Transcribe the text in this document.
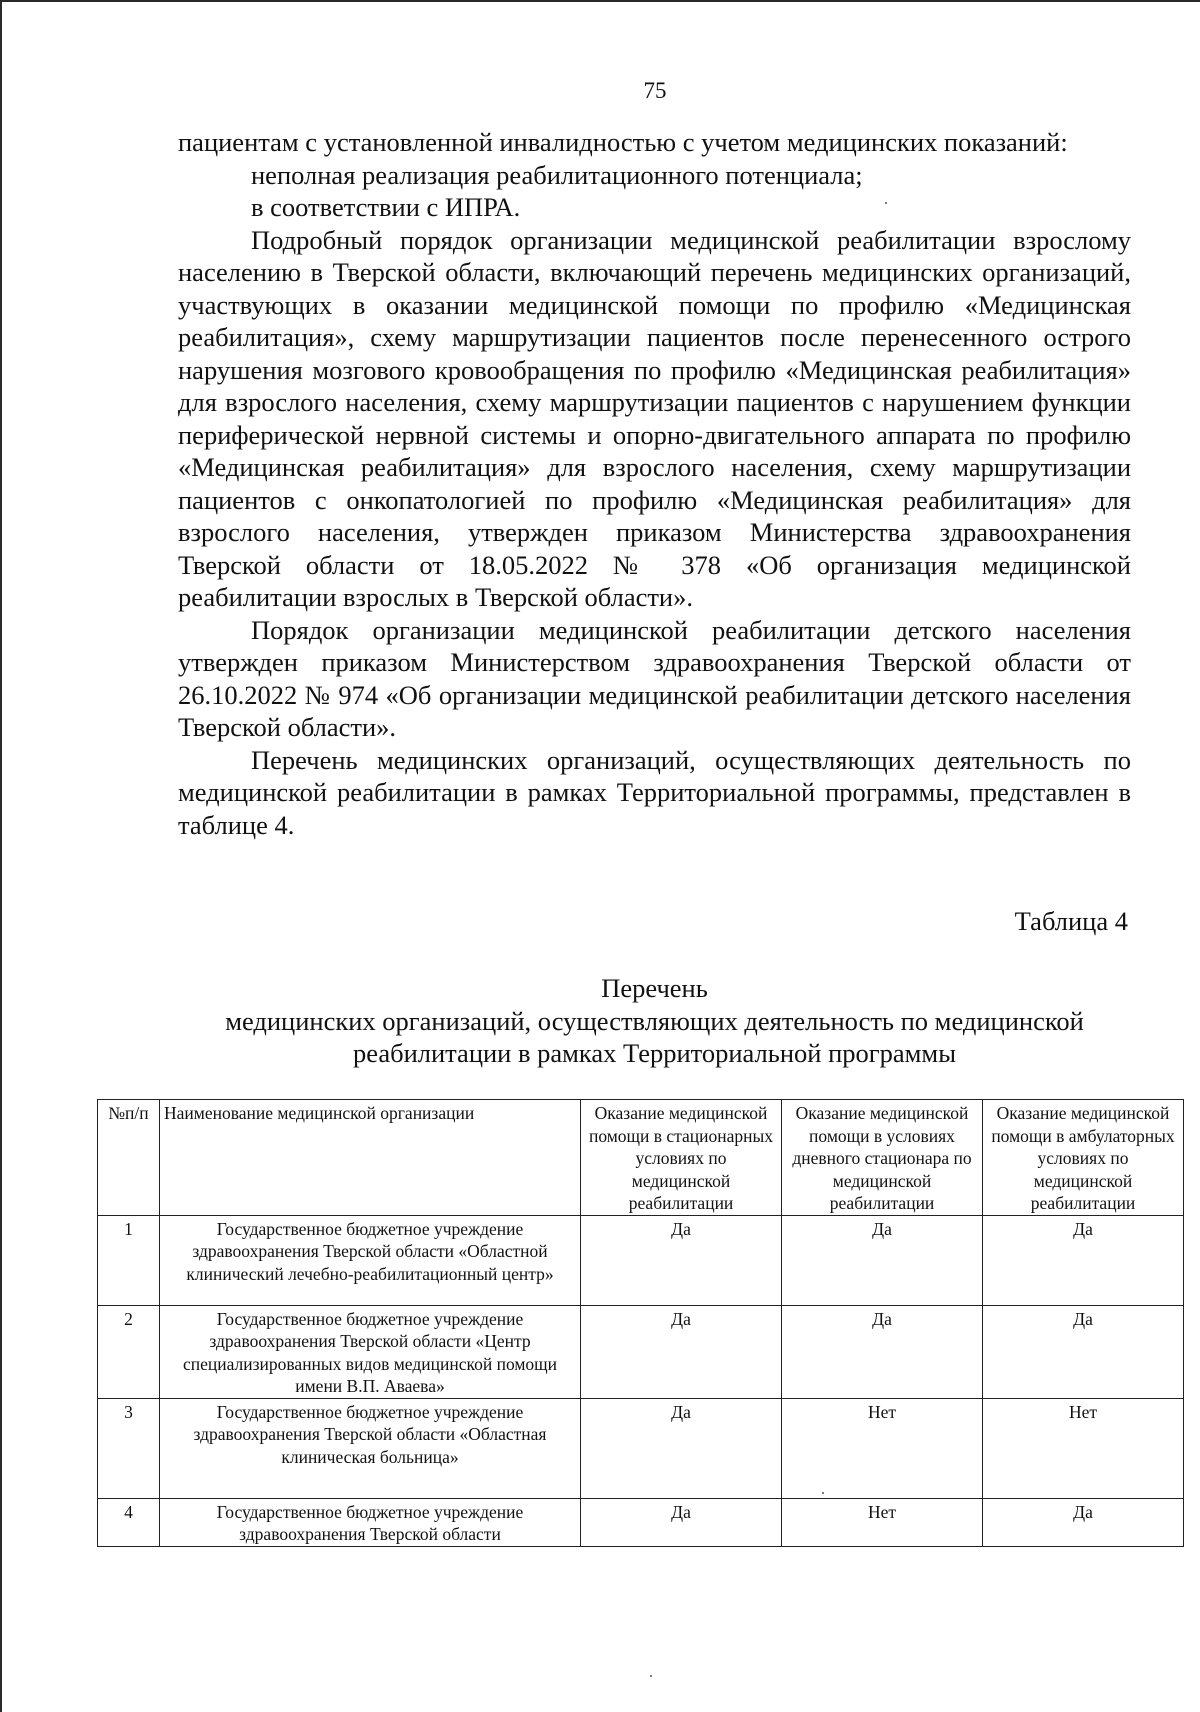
75

пациентам с установленной инвалидностью с учетом медицинских показаний:

неполная реализация реабилитационного потенциала;

в соответствии с ИПРА.

Подробный порядок организации медицинской реабилитации взрослому населению в Тверской области, включающий перечень медицинских организаций, участвующих в оказании медицинской помощи по профилю «Медицинская реабилитация», схему маршрутизации пациентов после перенесенного острого нарушения мозгового кровообращения по профилю «Медицинская реабилитация» для взрослого населения, схему маршрутизации пациентов с нарушением функции периферической нервной системы и опорно-двигательного аппарата по профилю «Медицинская реабилитация» для взрослого населения, схему маршрутизации пациентов с онкопатологией по профилю «Медицинская реабилитация» для взрослого населения, утвержден приказом Министерства здравоохранения Тверской области от 18.05.2022 № 378 «Об организация медицинской реабилитации взрослых в Тверской области».

Порядок организации медицинской реабилитации детского населения утвержден приказом Министерством здравоохранения Тверской области от 26.10.2022 № 974 «Об организации медицинской реабилитации детского населения Тверской области».

Перечень медицинских организаций, осуществляющих деятельность по медицинской реабилитации в рамках Территориальной программы, представлен в таблице 4.

Таблица 4
Перечень
медицинских организаций, осуществляющих деятельность по медицинской
реабилитации в рамках Территориальной программы
№п/п	Наименование медицинской организации	Оказание медицинской помощи в стационарных условиях по медицинской реабилитации	Оказание медицинской помощи в условиях дневного стационара по медицинской реабилитации	Оказание медицинской помощи в амбулаторных условиях по медицинской реабилитации
1	Государственное бюджетное учреждение здравоохранения Тверской области «Областной клинический лечебно-реабилитационный центр»	Да	Да	Да
2	Государственное бюджетное учреждение здравоохранения Тверской области «Центр специализированных видов медицинской помощи имени В.П. Аваева»	Да	Да	Да
3	Государственное бюджетное учреждение здравоохранения Тверской области «Областная клиническая больница»	Да	Нет	Нет
4	Государственное бюджетное учреждение здравоохранения Тверской области	Да	Нет	Да
